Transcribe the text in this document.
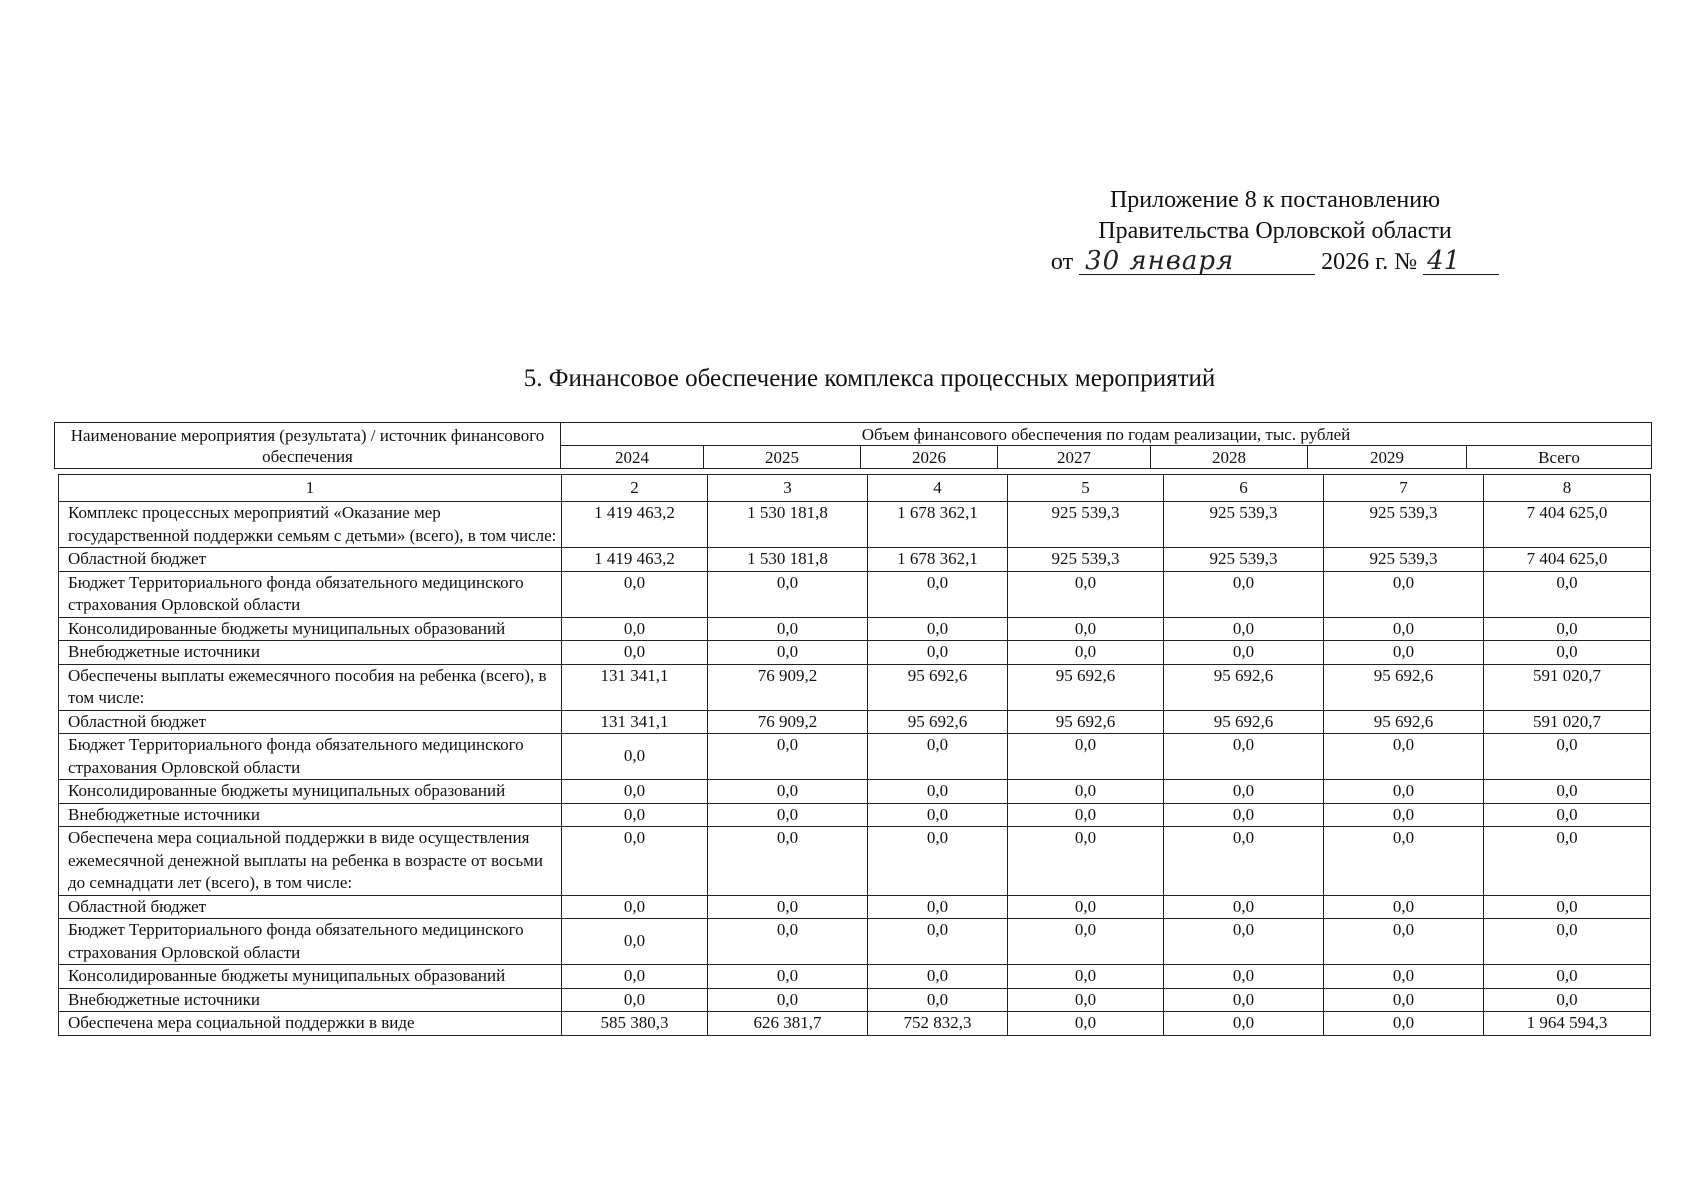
Приложение 8 к постановлению
Правительства Орловской области
от 30 января	2026 г. № 41
5. Финансовое обеспечение комплекса процессных мероприятий
Наименование мероприятия (результата) / источник финансового обеспечения	Объем финансового обеспечения по годам реализации, тыс. рублей						
	2024	2025	2026	2027	2028	2029	Всего
1	2	3	4	5	6	7	8
Комплекс процессных мероприятий «Оказание мер государственной поддержки семьям с детьми» (всего), в том числе:	1 419 463,2	1 530 181,8	1 678 362,1	925 539,3	925 539,3	925 539,3	7 404 625,0
Областной бюджет	1 419 463,2	1 530 181,8	1 678 362,1	925 539,3	925 539,3	925 539,3	7 404 625,0
Бюджет Территориального фонда обязательного медицинского страхования Орловской области	0,0	0,0	0,0	0,0	0,0	0,0	0,0
Консолидированные бюджеты муниципальных образований	0,0	0,0	0,0	0,0	0,0	0,0	0,0
Внебюджетные источники	0,0	0,0	0,0	0,0	0,0	0,0	0,0
Обеспечены выплаты ежемесячного пособия на ребенка (всего), в том числе:	131 341,1	76 909,2	95 692,6	95 692,6	95 692,6	95 692,6	591 020,7
Областной бюджет	131 341,1	76 909,2	95 692,6	95 692,6	95 692,6	95 692,6	591 020,7
Бюджет Территориального фонда обязательного медицинского страхования Орловской области	0,0	0,0	0,0	0,0	0,0	0,0	0,0
Консолидированные бюджеты муниципальных образований	0,0	0,0	0,0	0,0	0,0	0,0	0,0
Внебюджетные источники	0,0	0,0	0,0	0,0	0,0	0,0	0,0
Обеспечена мера социальной поддержки в виде осуществления ежемесячной денежной выплаты на ребенка в возрасте от восьми до семнадцати лет (всего), в том числе:	0,0	0,0	0,0	0,0	0,0	0,0	0,0
Областной бюджет	0,0	0,0	0,0	0,0	0,0	0,0	0,0
Бюджет Территориального фонда обязательного медицинского страхования Орловской области	0,0	0,0	0,0	0,0	0,0	0,0	0,0
Консолидированные бюджеты муниципальных образований	0,0	0,0	0,0	0,0	0,0	0,0	0,0
Внебюджетные источники	0,0	0,0	0,0	0,0	0,0	0,0	0,0
Обеспечена мера социальной поддержки в виде	585 380,3	626 381,7	752 832,3	0,0	0,0	0,0	1 964 594,3
